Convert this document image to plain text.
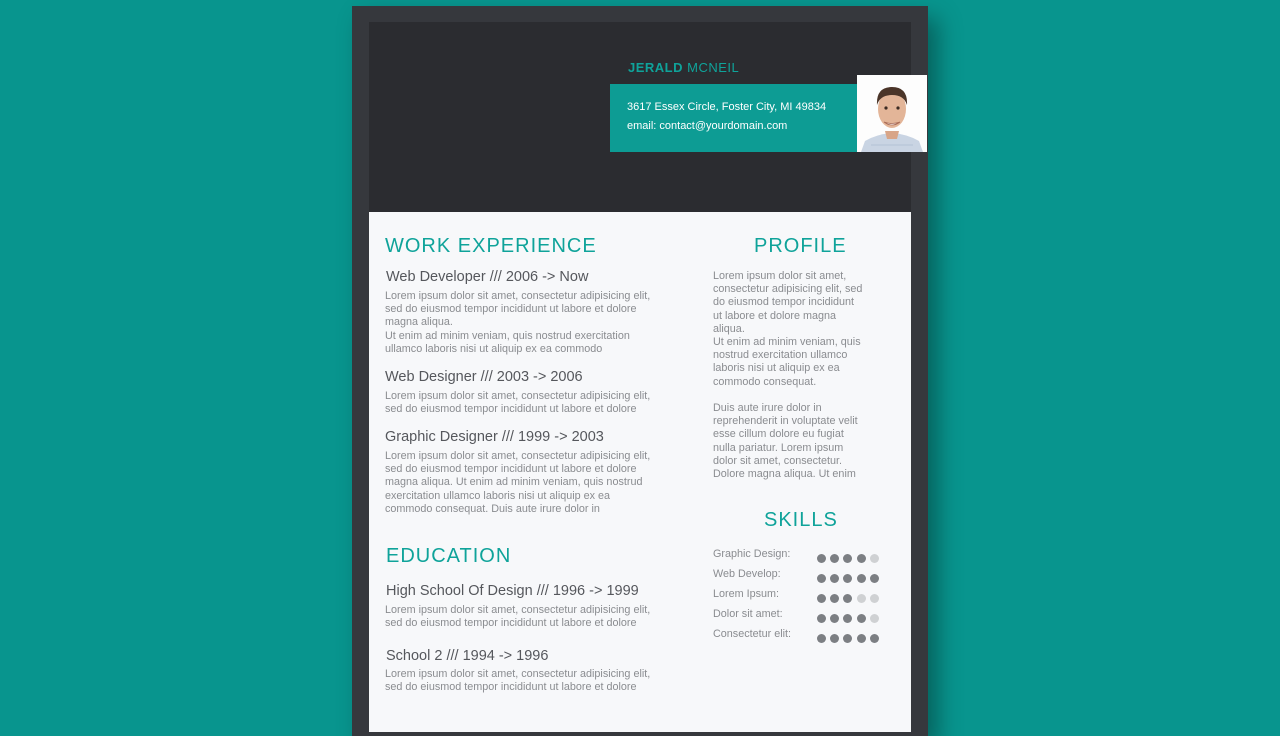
JERALD MCNEIL
3617 Essex Circle, Foster City, MI 49834
email: contact@yourdomain.com
WORK EXPERIENCE
Web Developer /// 2006 -> Now
Lorem ipsum dolor sit amet, consectetur adipisicing elit,
sed do eiusmod tempor incididunt ut labore et dolore
magna aliqua.
Ut enim ad minim veniam, quis nostrud exercitation
ullamco laboris nisi ut aliquip ex ea commodo
Web Designer /// 2003 -> 2006
Lorem ipsum dolor sit amet, consectetur adipisicing elit,
sed do eiusmod tempor incididunt ut labore et dolore
Graphic Designer /// 1999 -> 2003
Lorem ipsum dolor sit amet, consectetur adipisicing elit,
sed do eiusmod tempor incididunt ut labore et dolore
magna aliqua. Ut enim ad minim veniam, quis nostrud
exercitation ullamco laboris nisi ut aliquip ex ea
commodo consequat. Duis aute irure dolor in
EDUCATION
High School Of Design /// 1996 -> 1999
Lorem ipsum dolor sit amet, consectetur adipisicing elit,
sed do eiusmod tempor incididunt ut labore et dolore
School 2 /// 1994 -> 1996
Lorem ipsum dolor sit amet, consectetur adipisicing elit,
sed do eiusmod tempor incididunt ut labore et dolore
PROFILE
Lorem ipsum dolor sit amet,
consectetur adipisicing elit, sed
do eiusmod tempor incididunt
ut labore et dolore magna
aliqua.
Ut enim ad minim veniam, quis
nostrud exercitation ullamco
laboris nisi ut aliquip ex ea
commodo consequat.
Duis aute irure dolor in
reprehenderit in voluptate velit
esse cillum dolore eu fugiat
nulla pariatur. Lorem ipsum
dolor sit amet, consectetur.
Dolore magna aliqua. Ut enim
SKILLS
Graphic Design:
Web Develop:
Lorem Ipsum:
Dolor sit amet:
Consectetur elit:
